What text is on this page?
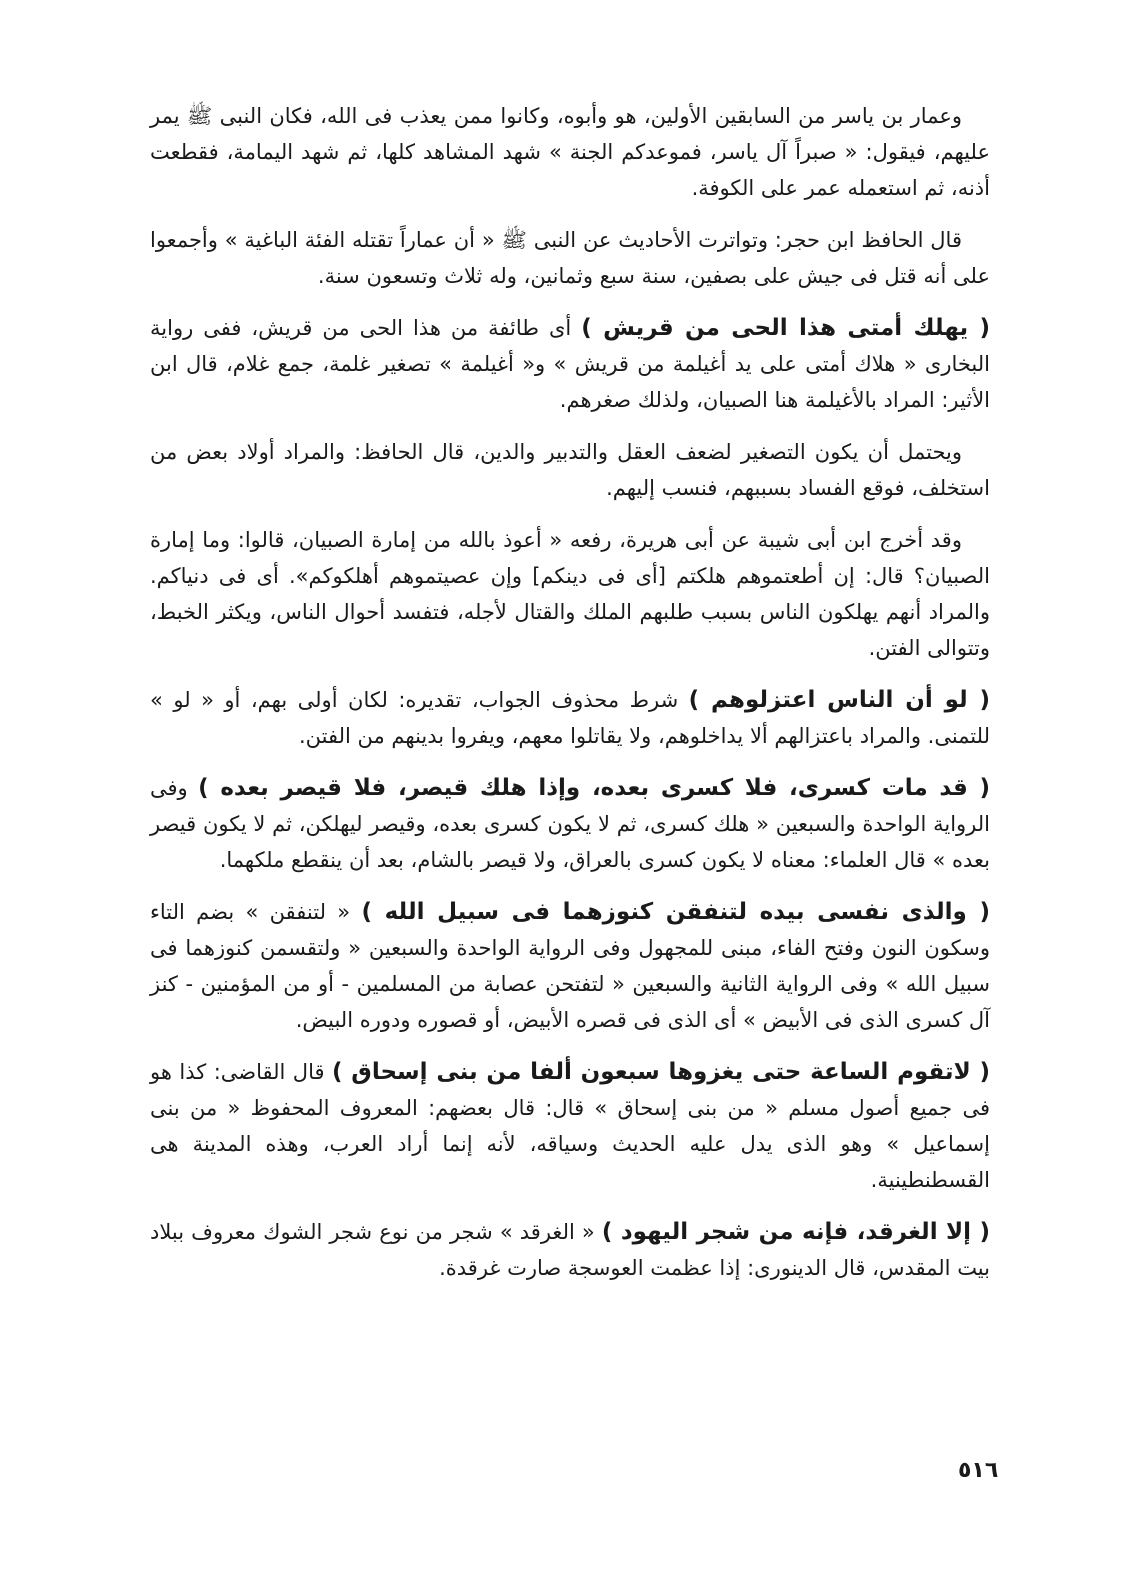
وعمار بن ياسر من السابقين الأولين، هو وأبوه، وكانوا ممن يعذب فى الله، فكان النبى ﷺ يمر عليهم، فيقول: « صبراً آل ياسر، فموعدكم الجنة » شهد المشاهد كلها، ثم شهد اليمامة، فقطعت أذنه، ثم استعمله عمر على الكوفة.

قال الحافظ ابن حجر: وتواترت الأحاديث عن النبى ﷺ « أن عماراً تقتله الفئة الباغية » وأجمعوا على أنه قتل فى جيش على بصفين، سنة سبع وثمانين، وله ثلاث وتسعون سنة.

( يهلك أمتى هذا الحى من قريش ) أى طائفة من هذا الحى من قريش، ففى رواية البخارى « هلاك أمتى على يد أغيلمة من قريش » و« أغيلمة » تصغير غلمة، جمع غلام، قال ابن الأثير: المراد بالأغيلمة هنا الصبيان، ولذلك صغرهم.

ويحتمل أن يكون التصغير لضعف العقل والتدبير والدين، قال الحافظ: والمراد أولاد بعض من استخلف، فوقع الفساد بسببهم، فنسب إليهم.

وقد أخرج ابن أبى شيبة عن أبى هريرة، رفعه « أعوذ بالله من إمارة الصبيان، قالوا: وما إمارة الصبيان؟ قال: إن أطعتموهم هلكتم [أى فى دينكم] وإن عصيتموهم أهلكوكم». أى فى دنياكم. والمراد أنهم يهلكون الناس بسبب طلبهم الملك والقتال لأجله، فتفسد أحوال الناس، ويكثر الخبط، وتتوالى الفتن.

( لو أن الناس اعتزلوهم ) شرط محذوف الجواب، تقديره: لكان أولى بهم، أو « لو » للتمنى. والمراد باعتزالهم ألا يداخلوهم، ولا يقاتلوا معهم، ويفروا بدينهم من الفتن.

( قد مات كسرى، فلا كسرى بعده، وإذا هلك قيصر، فلا قيصر بعده ) وفى الرواية الواحدة والسبعين « هلك كسرى، ثم لا يكون كسرى بعده، وقيصر ليهلكن، ثم لا يكون قيصر بعده » قال العلماء: معناه لا يكون كسرى بالعراق، ولا قيصر بالشام، بعد أن ينقطع ملكهما.

( والذى نفسى بيده لتنفقن كنوزهما فى سبيل الله ) « لتنفقن » بضم التاء وسكون النون وفتح الفاء، مبنى للمجهول وفى الرواية الواحدة والسبعين « ولتقسمن كنوزهما فى سبيل الله » وفى الرواية الثانية والسبعين « لتفتحن عصابة من المسلمين - أو من المؤمنين - كنز آل كسرى الذى فى الأبيض » أى الذى فى قصره الأبيض، أو قصوره ودوره البيض.

( لاتقوم الساعة حتى يغزوها سبعون ألفا من بنى إسحاق ) قال القاضى: كذا هو فى جميع أصول مسلم « من بنى إسحاق » قال: قال بعضهم: المعروف المحفوظ « من بنى إسماعيل » وهو الذى يدل عليه الحديث وسياقه، لأنه إنما أراد العرب، وهذه المدينة هى القسطنطينية.

( إلا الغرقد، فإنه من شجر اليهود ) « الغرقد » شجر من نوع شجر الشوك معروف ببلاد بيت المقدس، قال الدينورى: إذا عظمت العوسجة صارت غرقدة.

٥١٦
